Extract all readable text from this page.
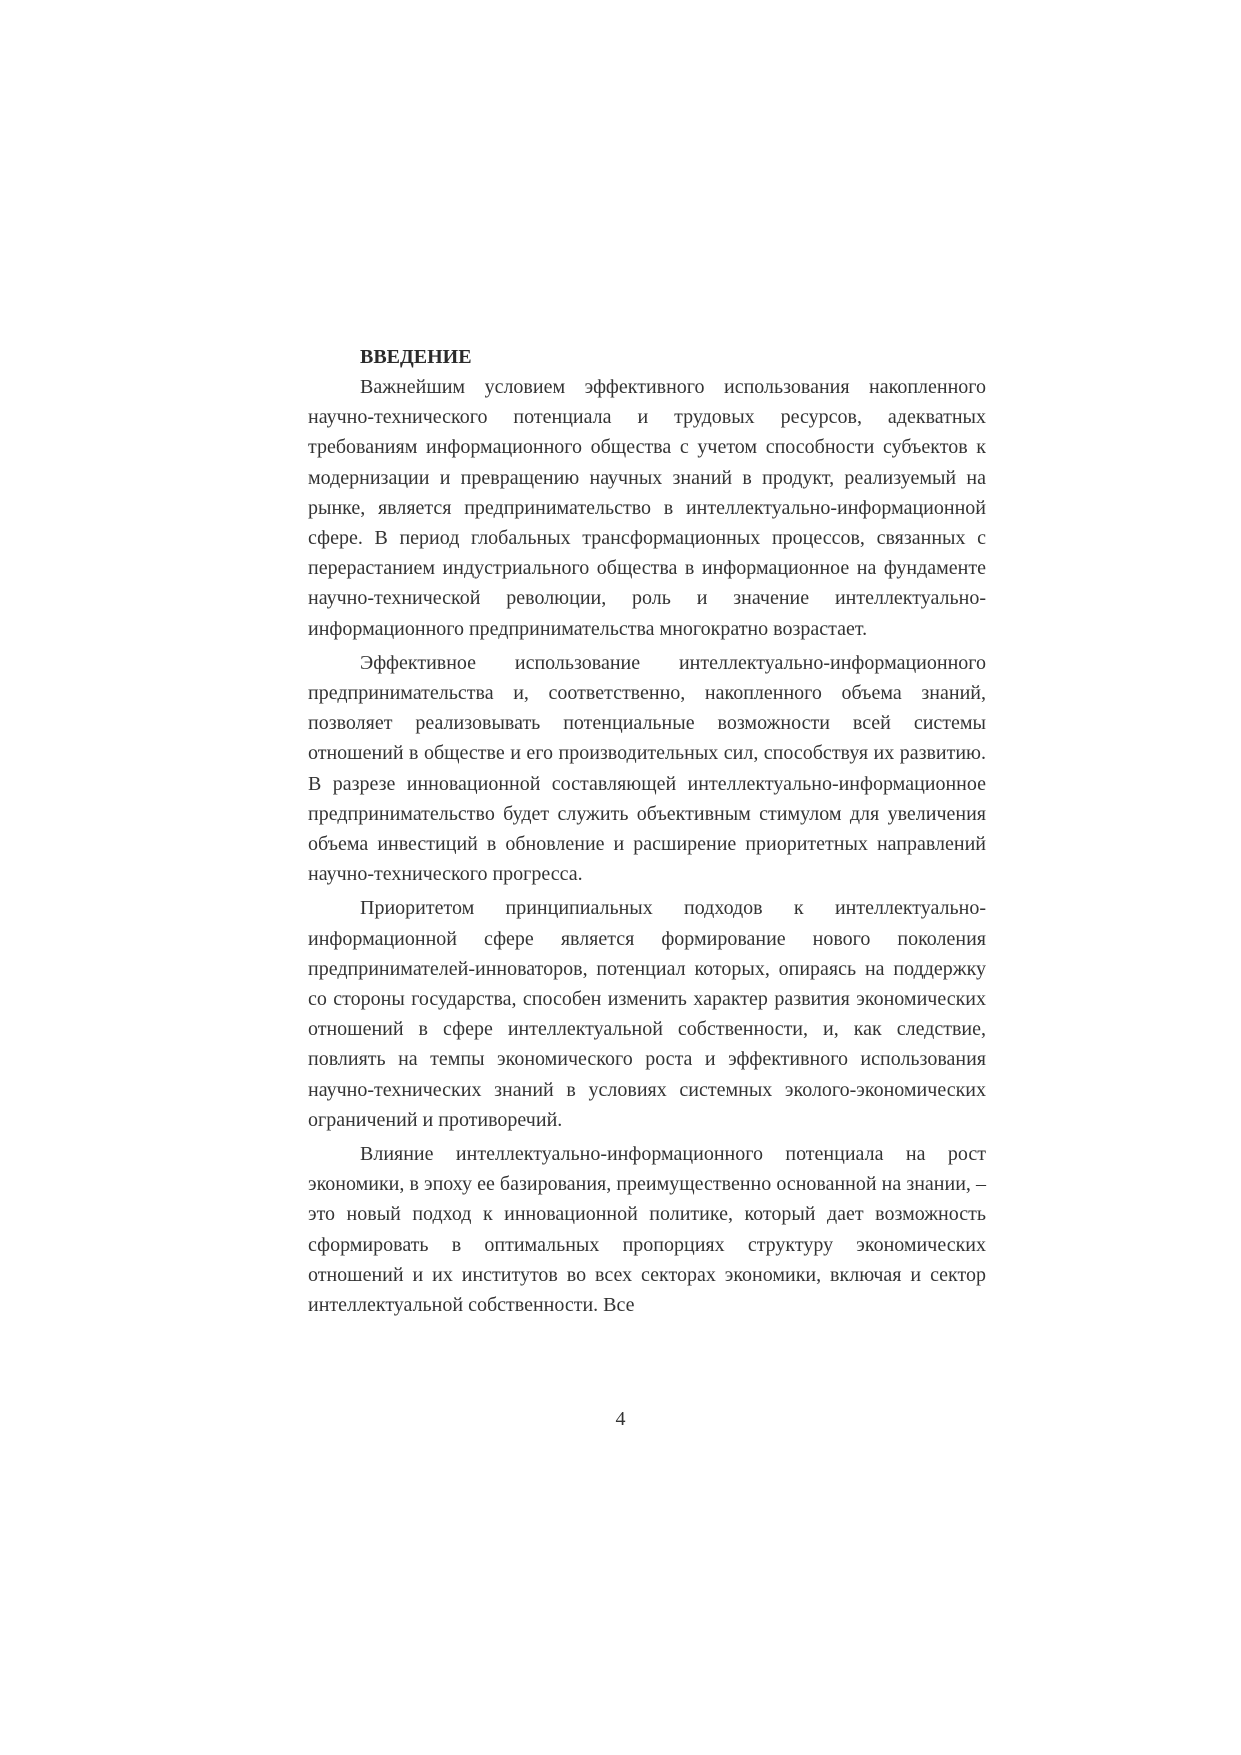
ВВЕДЕНИЕ

Важнейшим условием эффективного использования накопленного научно-технического потенциала и трудовых ресурсов, адекватных требованиям информационного общества с учетом способности субъектов к модернизации и превращению научных знаний в продукт, реализуемый на рынке, является предпринимательство в интеллектуально-информационной сфере. В период глобальных трансформационных процессов, связанных с перерастанием индустриального общества в информационное на фундаменте научно-технической революции, роль и значение интеллектуально-информационного предпринимательства многократно возрастает.

Эффективное использование интеллектуально-информационного предпринимательства и, соответственно, накопленного объема знаний, позволяет реализовывать потенциальные возможности всей системы отношений в обществе и его производительных сил, способствуя их развитию. В разрезе инновационной составляющей интеллектуально-информационное предпринимательство будет служить объективным стимулом для увеличения объема инвестиций в обновление и расширение приоритетных направлений научно-технического прогресса.

Приоритетом принципиальных подходов к интеллектуально-информационной сфере является формирование нового поколения предпринимателей-инноваторов, потенциал которых, опираясь на поддержку со стороны государства, способен изменить характер развития экономических отношений в сфере интеллектуальной собственности, и, как следствие, повлиять на темпы экономического роста и эффективного использования научно-технических знаний в условиях системных эколого-экономических ограничений и противоречий.

Влияние интеллектуально-информационного потенциала на рост экономики, в эпоху ее базирования, преимущественно основанной на знании, – это новый подход к инновационной политике, который дает возможность сформировать в оптимальных пропорциях структуру экономических отношений и их институтов во всех секторах экономики, включая и сектор интеллектуальной собственности. Все

4
